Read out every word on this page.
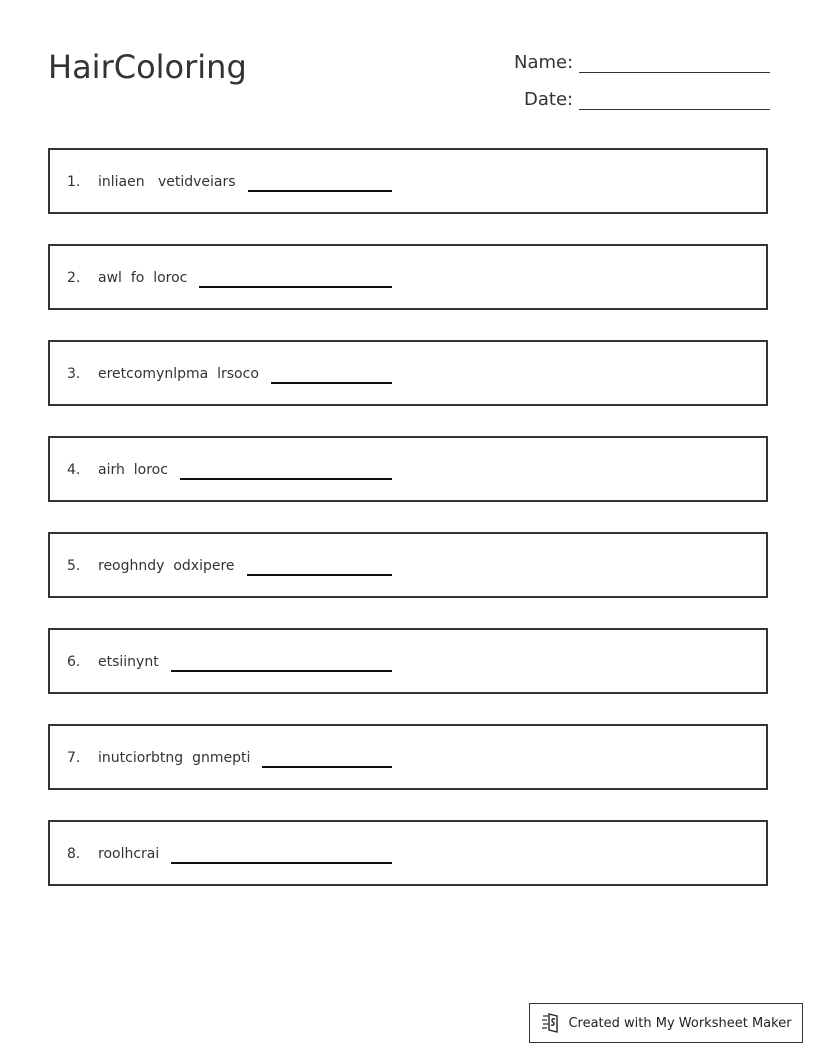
HairColoring	Name:
Date:
1. inliaen   vetidveiars
2. awl  fo  loroc
3. eretcomynlpma  lrsoco
4. airh  loroc
5. reoghndy  odxipere
6. etsiinynt
7. inutciorbtng  gnmepti
8. roolhcrai
Created with My Worksheet Maker
